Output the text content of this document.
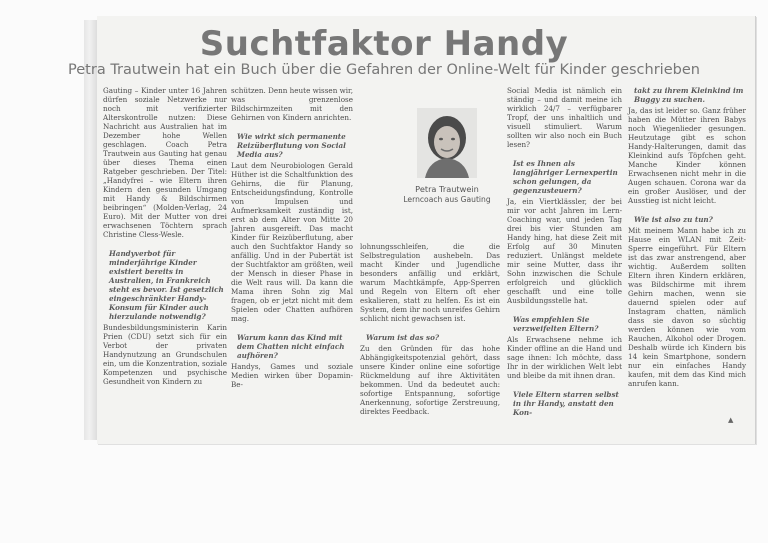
Suchtfaktor Handy
Petra Trautwein hat ein Buch über die Gefahren der Online-Welt für Kinder geschrieben

Gauting – Kinder unter 16 Jahren dürfen soziale Netzwerke nur noch mit verifizierter Alterskontrolle nutzen: Diese Nachricht aus Australien hat im Dezember hohe Wellen geschlagen. Coach Petra Trautwein aus Gauting hat genau über dieses Thema einen Ratgeber geschrieben. Der Titel: „Handyfrei – wie Eltern ihren Kindern den gesunden Umgang mit Handy & Bildschirmen beibringen“ (Molden-Verlag, 24 Euro). Mit der Mutter von drei erwachsenen Töchtern sprach Christine Cless-Wesle.

Handyverbot für minderjährige Kinder existiert bereits in Australien, in Frankreich steht es bevor. Ist gesetzlich eingeschränkter Handy-Konsum für Kinder auch hierzulande notwendig?

Bundesbildungsministerin Karin Prien (CDU) setzt sich für ein Verbot der privaten Handynutzung an Grundschulen ein, um die Konzentration, soziale Kompetenzen und psychische Gesundheit von Kindern zu

schützen. Denn heute wissen wir, was grenzenlose Bildschirmzeiten mit den Gehirnen von Kindern anrichten.

Wie wirkt sich permanente Reizüberflutung von Social Media aus?

Laut dem Neurobiologen Gerald Hüther ist die Schaltfunktion des Gehirns, die für Planung, Entscheidungsfindung, Kontrolle von Impulsen und Aufmerksamkeit zuständig ist, erst ab dem Alter von Mitte 20 Jahren ausgereift. Das macht Kinder für Reizüberflutung, aber auch den Suchtfaktor Handy so anfällig. Und in der Pubertät ist der Suchtfaktor am größten, weil der Mensch in dieser Phase in die Welt raus will. Da kann die Mama ihren Sohn zig Mal fragen, ob er jetzt nicht mit dem Spielen oder Chatten aufhören mag.

Warum kann das Kind mit dem Chatten nicht einfach aufhören?

Handys, Games und soziale Medien wirken über Dopamin-Be-

Petra Trautwein
Lerncoach aus Gauting

lohnungsschleifen, die die Selbstregulation aushebeln. Das macht Kinder und Jugendliche besonders anfällig und erklärt, warum Machtkämpfe, App-Sperren und Regeln von Eltern oft eher eskalieren, statt zu helfen. Es ist ein System, dem ihr noch unreifes Gehirn schlicht nicht gewachsen ist.

Warum ist das so?

Zu den Gründen für das hohe Abhängigkeitspotenzial gehört, dass unsere Kinder online eine sofortige Rückmeldung auf ihre Aktivitäten bekommen. Und da bedeutet auch: sofortige Entspannung, sofortige Anerkennung, sofortige Zerstreuung, direktes Feedback.

Social Media ist nämlich ein ständig – und damit meine ich wirklich 24/7 – verfügbarer Tropf, der uns inhaltlich und visuell stimuliert. Warum sollten wir also noch ein Buch lesen?

Ist es Ihnen als langjähriger Lernexpertin schon gelungen, da gegenzusteuern?

Ja, ein Viertklässler, der bei mir vor acht Jahren im Lern-Coaching war, und jeden Tag drei bis vier Stunden am Handy hing, hat diese Zeit mit Erfolg auf 30 Minuten reduziert. Unlängst meldete mir seine Mutter, dass ihr Sohn inzwischen die Schule erfolgreich und glücklich geschafft und eine tolle Ausbildungsstelle hat.

Was empfehlen Sie verzweifelten Eltern?

Als Erwachsene nehme ich Kinder offline an die Hand und sage ihnen: Ich möchte, dass Ihr in der wirklichen Welt lebt und bleibe da mit ihnen dran.

Viele Eltern starren selbst in ihr Handy, anstatt den Kon-

takt zu ihrem Kleinkind im Buggy zu suchen.

Ja, das ist leider so. Ganz früher haben die Mütter ihren Babys noch Wiegenlieder gesungen. Heutzutage gibt es schon Handy-Halterungen, damit das Kleinkind aufs Töpfchen geht. Manche Kinder können Erwachsenen nicht mehr in die Augen schauen. Corona war da ein großer Auslöser, und der Ausstieg ist nicht leicht.

Wie ist also zu tun?

Mit meinem Mann habe ich zu Hause ein WLAN mit Zeit-Sperre eingeführt. Für Eltern ist das zwar anstrengend, aber wichtig. Außerdem sollten Eltern ihren Kindern erklären, was Bildschirme mit ihrem Gehirn machen, wenn sie dauernd spielen oder auf Instagram chatten, nämlich dass sie davon so süchtig werden können wie vom Rauchen, Alkohol oder Drogen. Deshalb würde ich Kindern bis 14 kein Smartphone, sondern nur ein einfaches Handy kaufen, mit dem das Kind mich anrufen kann.

▲
